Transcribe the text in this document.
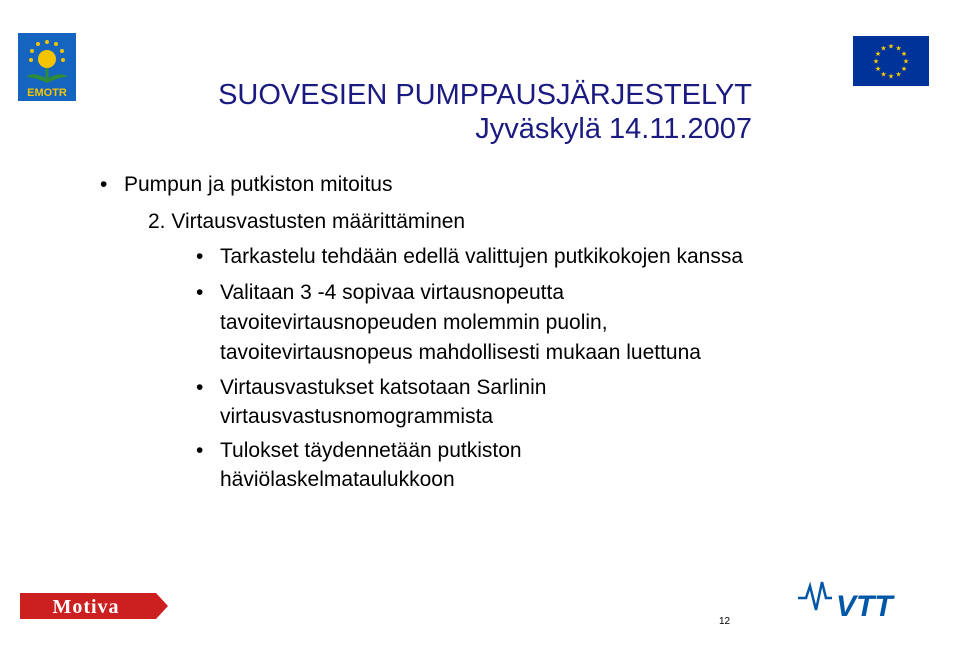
EMOTR
★ ★
★
★
★
★
★
★
★
★
★
★
SUOVESIEN PUMPPAUSJÄRJESTELYT
Jyväskylä 14.11.2007
• Pumpun ja putkiston mitoitus
2. Virtausvastusten määrittäminen
• Tarkastelu tehdään edellä valittujen putkikokojen kanssa
• Valitaan 3 -4 sopivaa virtausnopeutta
tavoitevirtausnopeuden molemmin puolin,
tavoitevirtausnopeus mahdollisesti mukaan luettuna
• Virtausvastukset katsotaan Sarlinin
virtausvastusnomogrammista
• Tulokset täydennetään putkiston
häviölaskelmataulukkoon
Motiva	VTT
12
